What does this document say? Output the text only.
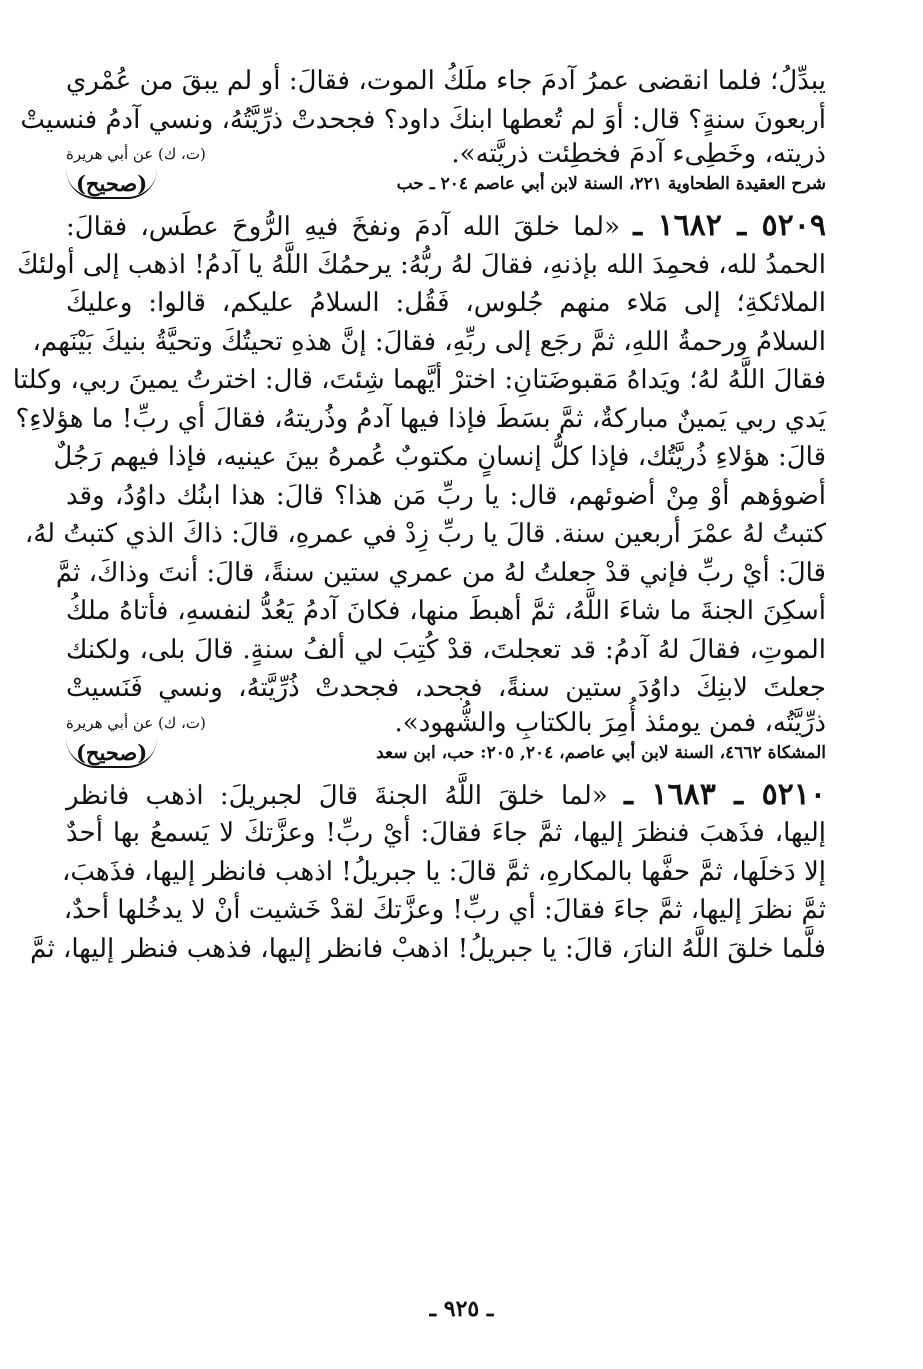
يبدِّلُ؛ فلما انقضى عمرُ آدمَ جاء ملَكُ الموت، فقالَ: أو لم يبقَ من عُمْري
أربعونَ سنةٍ؟ قال: أوَ لم تُعطها ابنكَ داود؟ فجحدتْ ذرِّيَّتُهُ، ونسي آدمُ فنسيتْ
ذريته، وخَطِىء آدمَ فخطِئت ذريَّته».
(ت، ك) عن أبي هريرة
شرح العقيدة الطحاوية ٢٢١، السنة لابن أبي عاصم ٢٠٤ ـ حب
(صحيح)
٥٢٠٩ ـ ١٦٨٢ ـ «لما خلقَ الله آدمَ ونفخَ فيهِ الرُّوحَ عطَس، فقالَ:
الحمدُ لله، فحمِدَ الله بإذنهِ، فقالَ لهُ ربُّهُ: يرحمُكَ اللَّهُ يا آدمُ! اذهب إلى أولئكَ
الملائكةِ؛ إلى مَلاء منهم جُلوس، فَقُل: السلامُ عليكم، قالوا: وعليكَ
السلامُ ورحمةُ اللهِ، ثمَّ رجَع إلى ربِّهِ، فقالَ: إنَّ هذهِ تحيتُكَ وتحيَّةُ بنيكَ بَيْنَهم،
فقالَ اللَّهُ لهُ؛ ويَداهُ مَقبوضَتانِ: اخترْ أيَّهما شِئتَ، قال: اخترتُ يمينَ ربي، وكلتا
يَدي ربي يَمينٌ مباركةٌ، ثمَّ بسَطَ فإذا فيها آدمُ وذُريتهُ، فقالَ أي ربِّ! ما هؤلاءِ؟
قالَ: هؤلاءِ ذُريَّتُك، فإذا كلُّ إنسانٍ مكتوبٌ عُمرهُ بينَ عينيه، فإذا فيهم رَجُلٌ
أضوؤهم أوْ مِنْ أضوئهم، قال: يا ربِّ مَن هذا؟ قالَ: هذا ابنُك داوُدُ، وقد
كتبتُ لهُ عمْرَ أربعين سنة. قالَ يا ربِّ زِدْ في عمرهِ، قالَ: ذاكَ الذي كتبتُ لهُ،
قالَ: أيْ ربِّ فإني قدْ جعلتُ لهُ من عمري ستين سنةً، قالَ: أنتَ وذاكَ، ثمَّ
أسكِنَ الجنةَ ما شاءَ اللَّهُ، ثمَّ أهبطَ منها، فكانَ آدمُ يَعُدُّ لنفسهِ، فأتاهُ ملكُ
الموتِ، فقالَ لهُ آدمُ: قد تعجلتَ، قدْ كُتِبَ لي ألفُ سنةٍ. قالَ بلى، ولكنك
جعلتَ لابنِكَ داوُدَ ستين سنةً، فجحد، فجحدتْ ذُرِّيَّتهُ، ونسي فَنَسيتْ
ذرِّيَّتُه، فمن يومئذ أُمِرَ بالكتابِ والشُّهود».
(ت، ك) عن أبي هريرة
المشكاة ٤٦٦٢، السنة لابن أبي عاصم، ٢٠٤, ٢٠٥: حب، ابن سعد
(صحيح)
٥٢١٠ ـ ١٦٨٣ ـ «لما خلقَ اللَّهُ الجنةَ قالَ لجبريلَ: اذهب فانظر
إليها، فذَهبَ فنظرَ إليها، ثمَّ جاءَ فقالَ: أيْ ربِّ! وعزَّتكَ لا يَسمعُ بها أحدٌ
إلا دَخلَها، ثمَّ حفَّها بالمكارهِ، ثمَّ قالَ: يا جبريلُ! اذهب فانظر إليها، فذَهبَ،
ثمَّ نظرَ إليها، ثمَّ جاءَ فقالَ: أي ربِّ! وعزَّتكَ لقدْ خَشيت أنْ لا يدخُلها أحدٌ،
فلَّما خلقَ اللَّهُ النارَ، قالَ: يا جبريلُ! اذهبْ فانظر إليها، فذهب فنظر إليها، ثمَّ
ـ ٩٢٥ ـ
